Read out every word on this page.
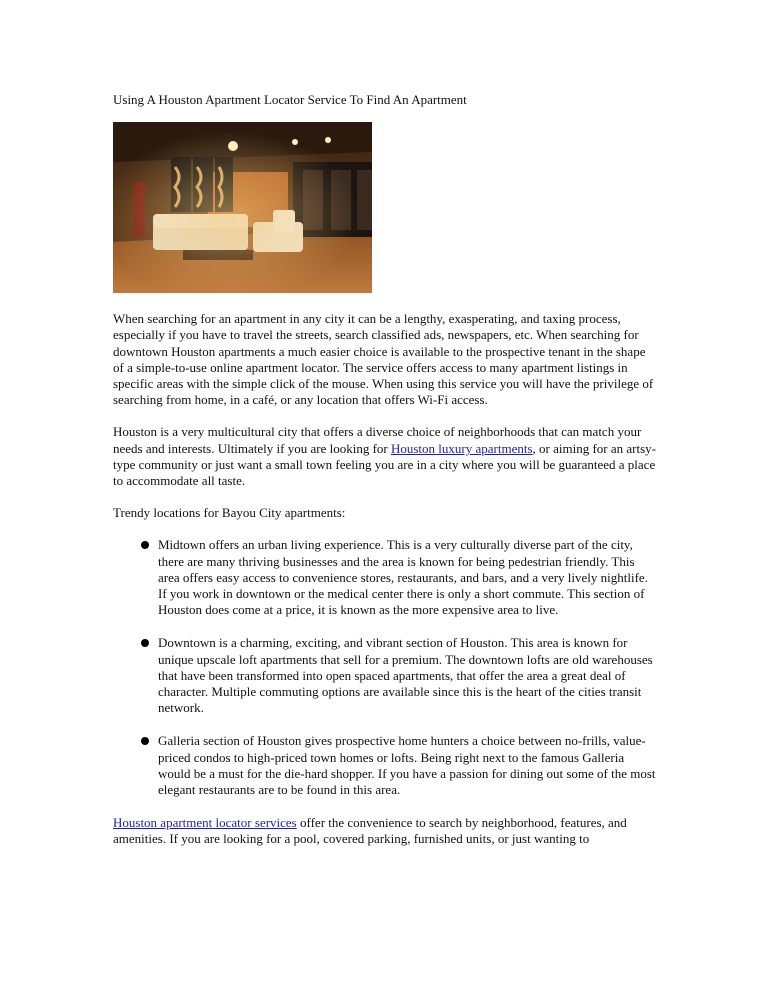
Using A Houston Apartment Locator Service To Find An Apartment

When searching for an apartment in any city it can be a lengthy, exasperating, and taxing process, especially if you have to travel the streets, search classified ads, newspapers, etc. When searching for downtown Houston apartments a much easier choice is available to the prospective tenant in the shape of a simple-to-use online apartment locator. The service offers access to many apartment listings in specific areas with the simple click of the mouse. When using this service you will have the privilege of searching from home, in a café, or any location that offers Wi-Fi access.

Houston is a very multicultural city that offers a diverse choice of neighborhoods that can match your needs and interests. Ultimately if you are looking for Houston luxury apartments, or aiming for an artsy-type community or just want a small town feeling you are in a city where you will be guaranteed a place to accommodate all taste.

Trendy locations for Bayou City apartments:

Midtown offers an urban living experience. This is a very culturally diverse part of the city, there are many thriving businesses and the area is known for being pedestrian friendly. This area offers easy access to convenience stores, restaurants, and bars, and a very lively nightlife. If you work in downtown or the medical center there is only a short commute. This section of Houston does come at a price, it is known as the more expensive area to live.
Downtown is a charming, exciting, and vibrant section of Houston. This area is known for unique upscale loft apartments that sell for a premium. The downtown lofts are old warehouses that have been transformed into open spaced apartments, that offer the area a great deal of character. Multiple commuting options are available since this is the heart of the cities transit network.
Galleria section of Houston gives prospective home hunters a choice between no-frills, value-priced condos to high-priced town homes or lofts. Being right next to the famous Galleria would be a must for the die-hard shopper. If you have a passion for dining out some of the most elegant restaurants are to be found in this area.

Houston apartment locator services offer the convenience to search by neighborhood, features, and amenities. If you are looking for a pool, covered parking, furnished units, or just wanting to
